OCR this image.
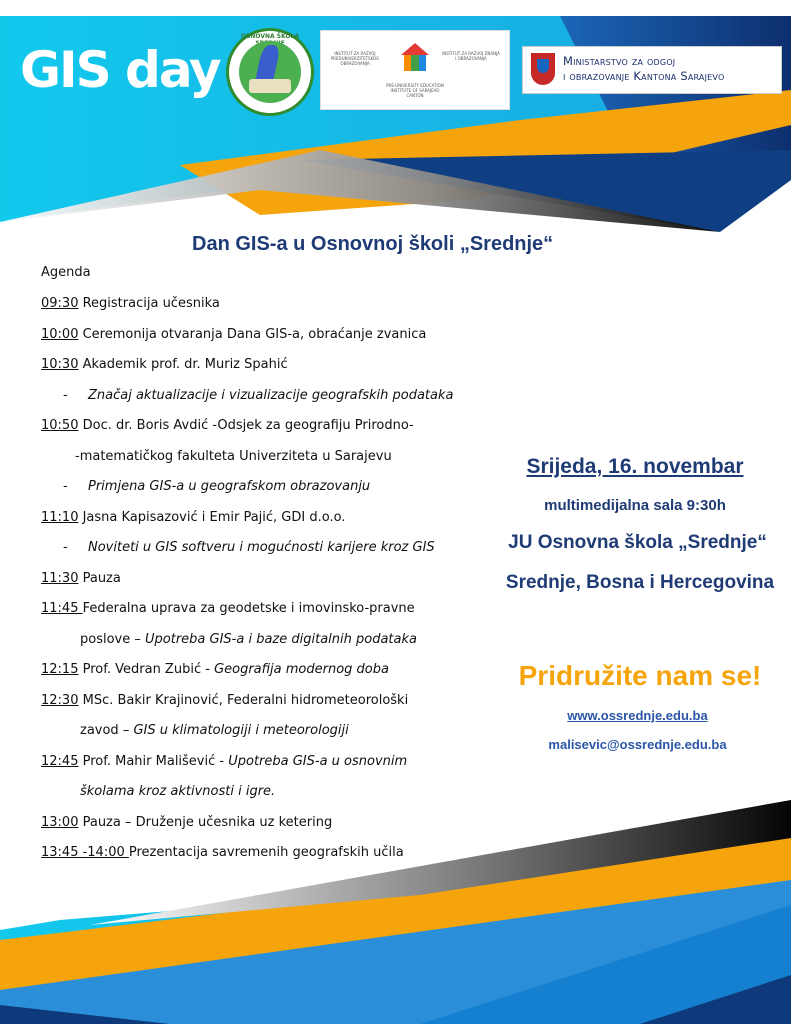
GIS day
OSNOVNA ŠKOLA
INSTITUT ZA RAZVOJ PREDUNIVERZITETSKOG OBRAZOVANJA
INSTITUT ZA RAZVOJ ZNANJA I OBRAZOVANJA
PRE-UNIVERSITY EDUCATION INSTITUTE OF SARAJEVO CANTON
Ministarstvo za odgoj
i obrazovanje Kantona Sarajevo
Dan GIS-a u Osnovnoj školi „Srednje“
Agenda
09:30 Registracija učesnika
10:00 Ceremonija otvaranja Dana GIS-a, obraćanje zvanica
10:30 Akademik prof. dr. Muriz Spahić
- Značaj aktualizacije i vizualizacije geografskih podataka
10:50 Doc. dr. Boris Avdić -Odsjek za geografiju Prirodno-
-matematičkog fakulteta Univerziteta u Sarajevu
- Primjena GIS-a u geografskom obrazovanju
11:10 Jasna Kapisazović i Emir Pajić, GDI d.o.o.
- Noviteti u GIS softveru i mogućnosti karijere kroz GIS
11:30 Pauza
11:45 Federalna uprava za geodetske i imovinsko-pravne
poslove – Upotreba GIS-a i baze digitalnih podataka
12:15 Prof. Vedran Zubić - Geografija modernog doba
12:30 MSc. Bakir Krajinović, Federalni hidrometeorološki
zavod – GIS u klimatologiji i meteorologiji
12:45 Prof. Mahir Mališević - Upotreba GIS-a u osnovnim
školama kroz aktivnosti i igre.
13:00 Pauza – Druženje učesnika uz ketering
13:45 -14:00 Prezentacija savremenih geografskih učila
Srijeda, 16. novembar
multimedijalna sala 9:30h
JU Osnovna škola „Srednje“
Srednje, Bosna i Hercegovina
Pridružite nam se!
www.ossrednje.edu.ba
malisevic@ossrednje.edu.ba
